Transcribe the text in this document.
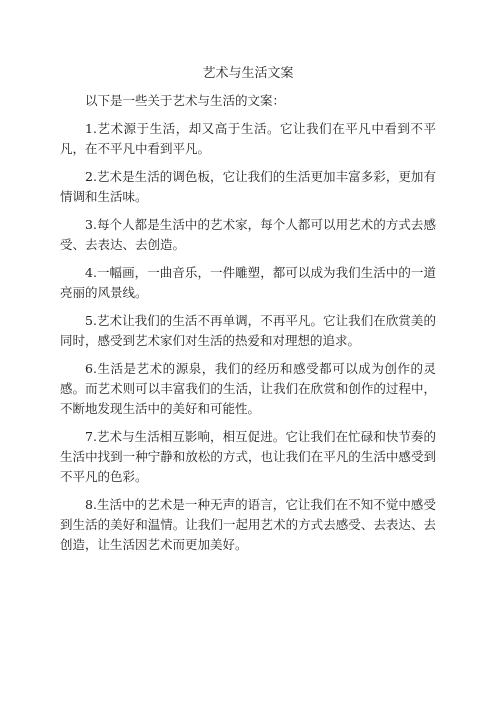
艺术与生活文案

以下是一些关于艺术与生活的文案：

1.艺术源于生活，却又高于生活。它让我们在平凡中看到不平凡，在不平凡中看到平凡。

2.艺术是生活的调色板，它让我们的生活更加丰富多彩，更加有情调和生活味。

3.每个人都是生活中的艺术家，每个人都可以用艺术的方式去感受、去表达、去创造。

4.一幅画，一曲音乐，一件雕塑，都可以成为我们生活中的一道亮丽的风景线。

5.艺术让我们的生活不再单调，不再平凡。它让我们在欣赏美的同时，感受到艺术家们对生活的热爱和对理想的追求。

6.生活是艺术的源泉，我们的经历和感受都可以成为创作的灵感。而艺术则可以丰富我们的生活，让我们在欣赏和创作的过程中，不断地发现生活中的美好和可能性。

7.艺术与生活相互影响，相互促进。它让我们在忙碌和快节奏的生活中找到一种宁静和放松的方式，也让我们在平凡的生活中感受到不平凡的色彩。

8.生活中的艺术是一种无声的语言，它让我们在不知不觉中感受到生活的美好和温情。让我们一起用艺术的方式去感受、去表达、去创造，让生活因艺术而更加美好。
